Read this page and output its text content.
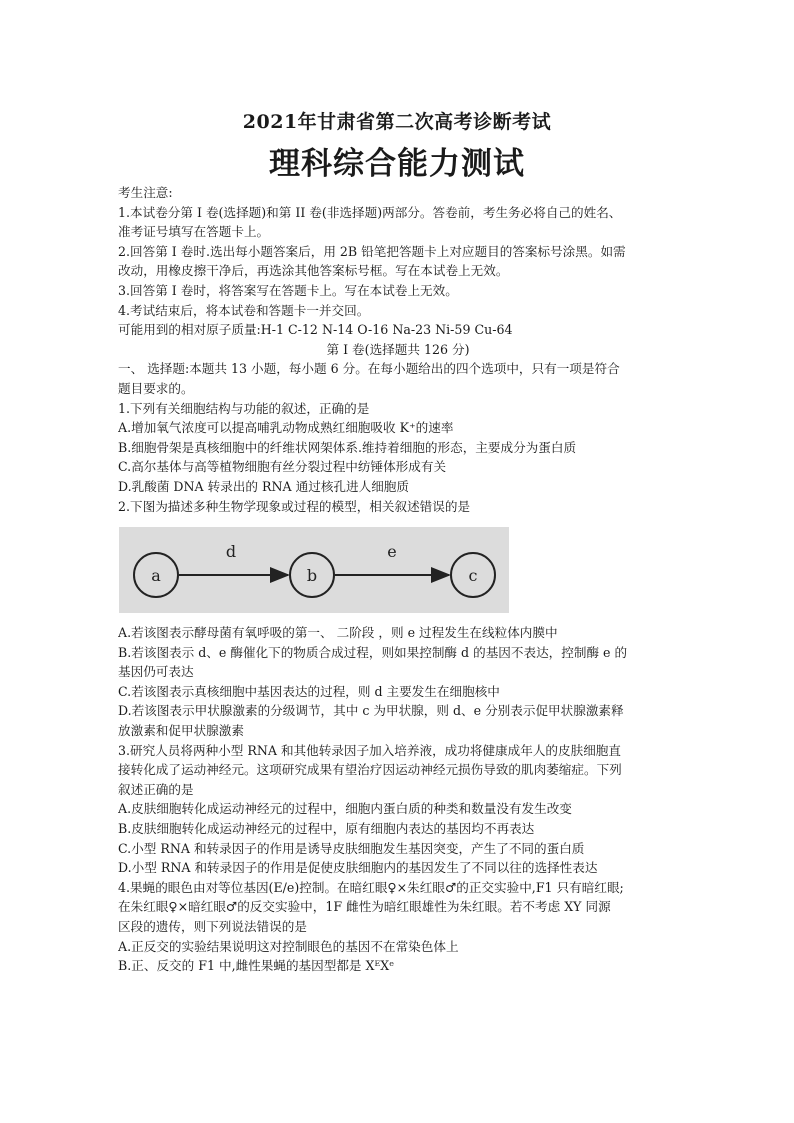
2021年甘肃省第二次高考诊断考试
理科综合能力测试
考生注意:
1.本试卷分第 I 卷(选择题)和第 II 卷(非选择题)两部分。答卷前，考生务必将自己的姓名、
准考证号填写在答题卡上。
2.回答第 I 卷时.选出每小题答案后，用 2B 铅笔把答题卡上对应题目的答案标号涂黑。如需
改动，用橡皮擦干净后，再选涂其他答案标号框。写在本试卷上无效。
3.回答第 I 卷时，将答案写在答题卡上。写在本试卷上无效。
4.考试结束后，将本试卷和答题卡一并交回。
可能用到的相对原子质量:H-1 C-12 N-14 O-16 Na-23 Ni-59 Cu-64
第 I 卷(选择题共 126 分)
一、 选择题:本题共 13 小题，每小题 6 分。在每小题给出的四个选项中，只有一项是符合
题目要求的。
1.下列有关细胞结构与功能的叙述，正确的是
A.增加氧气浓度可以提高哺乳动物成熟红细胞吸收 K⁺的速率
B.细胞骨架是真核细胞中的纤维状网架体系.维持着细胞的形态，主要成分为蛋白质
C.高尔基体与高等植物细胞有丝分裂过程中纺锤体形成有关
D.乳酸菌 DNA 转录出的 RNA 通过核孔进人细胞质
2.下图为描述多种生物学现象或过程的模型，相关叙述错误的是
a	b	c
d	e
A.若该图表示酵母菌有氧呼吸的第一、 二阶段 ，则 e 过程发生在线粒体内膜中
B.若该图表示 d、e 酶催化下的物质合成过程，则如果控制酶 d 的基因不表达，控制酶 e 的
基因仍可表达
C.若该图表示真核细胞中基因表达的过程，则 d 主要发生在细胞核中
D.若该图表示甲状腺激素的分级调节，其中 c 为甲状腺，则 d、e 分别表示促甲状腺激素释
放激素和促甲状腺激素
3.研究人员将两种小型 RNA 和其他转录因子加入培养液，成功将健康成年人的皮肤细胞直
接转化成了运动神经元。这项研究成果有望治疗因运动神经元损伤导致的肌肉萎缩症。下列
叙述正确的是
A.皮肤细胞转化成运动神经元的过程中，细胞内蛋白质的种类和数量没有发生改变
B.皮肤细胞转化成运动神经元的过程中，原有细胞内表达的基因均不再表达
C.小型 RNA 和转录因子的作用是诱导皮肤细胞发生基因突变，产生了不同的蛋白质
D.小型 RNA 和转录因子的作用是促使皮肤细胞内的基因发生了不同以往的选择性表达
4.果蝇的眼色由对等位基因(E/e)控制。在暗红眼♀×朱红眼♂的正交实验中,F1 只有暗红眼;
在朱红眼♀×暗红眼♂的反交实验中，1F 雌性为暗红眼雄性为朱红眼。若不考虑 XY 同源
区段的遗传，则下列说法错误的是
A.正反交的实验结果说明这对控制眼色的基因不在常染色体上
B.正、反交的 F1 中,雌性果蝇的基因型都是 XᴱXᵉ
